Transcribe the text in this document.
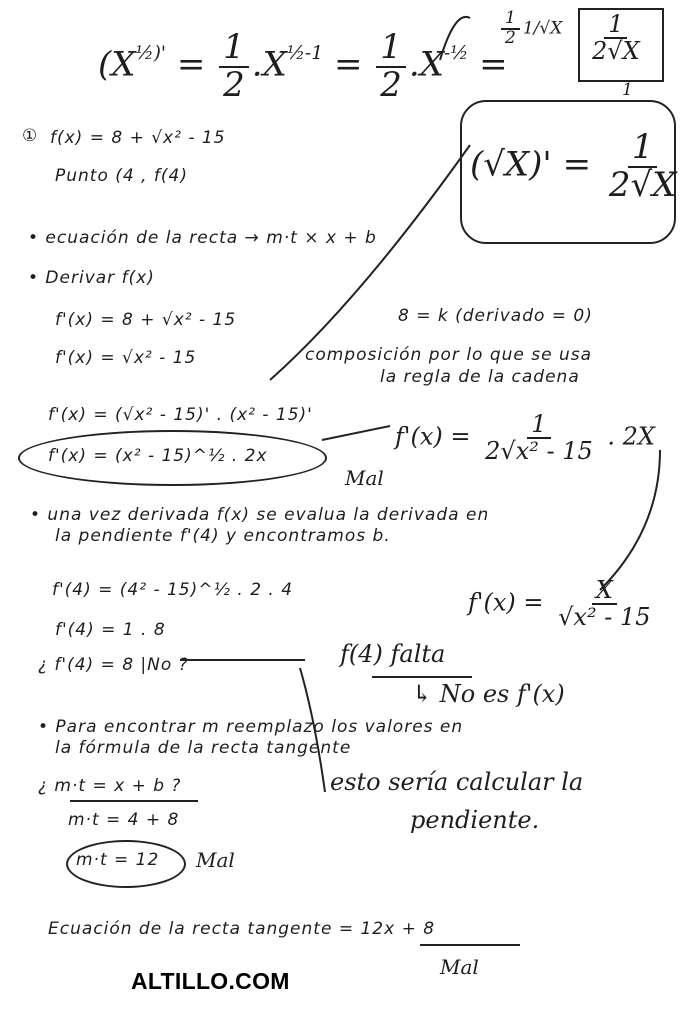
($X^{\frac{1}{2})'} = \frac{1}{2} .X^{\frac{1}{2}-1} = \frac{1}{2} .X^{-\frac{1}{2}}$ =
$\frac{1}{2} 1/√X \frac{1}{2√X}$
1
① f(x) = 8 + √x² - 15
Punto (4 , f(4)	$(√X)' = \frac{1}{2√X}$
• ecuación de la recta → m·t × x + b
• Derivar f(x)
f'(x) = 8 + √x² - 15	8 = k (derivado = 0)
f'(x) = √x² - 15	composición por lo que se usa
la regla de la cadena
f'(x) = (√x² - 15)' . (x² - 15)'
f'(x) = (x² - 15)^½ . 2x
Mal
$f'(x) = \frac{1}{\text{2√x² - 15}}$ . 2X
• una vez derivada f(x) se evalua la derivada en
la pendiente f'(4) y encontramos b.
f'(4) = (4² - 15)^½ . 2 . 4
f'(4) = 1 . 8
¿ f'(4) = 8 |No ?
$f'(x) = \frac{X}{\text{√x² - 15}}$
f(4) falta
↳ No es f'(x)
• Para encontrar m reemplazo los valores en
la fórmula de la recta tangente
¿ m·t = x + b ?
m·t = 4 + 8
m·t = 12 Mal
esto sería calcular la
pendiente.
Ecuación de la recta tangente = 12x + 8
Mal
ALTILLO.COM
